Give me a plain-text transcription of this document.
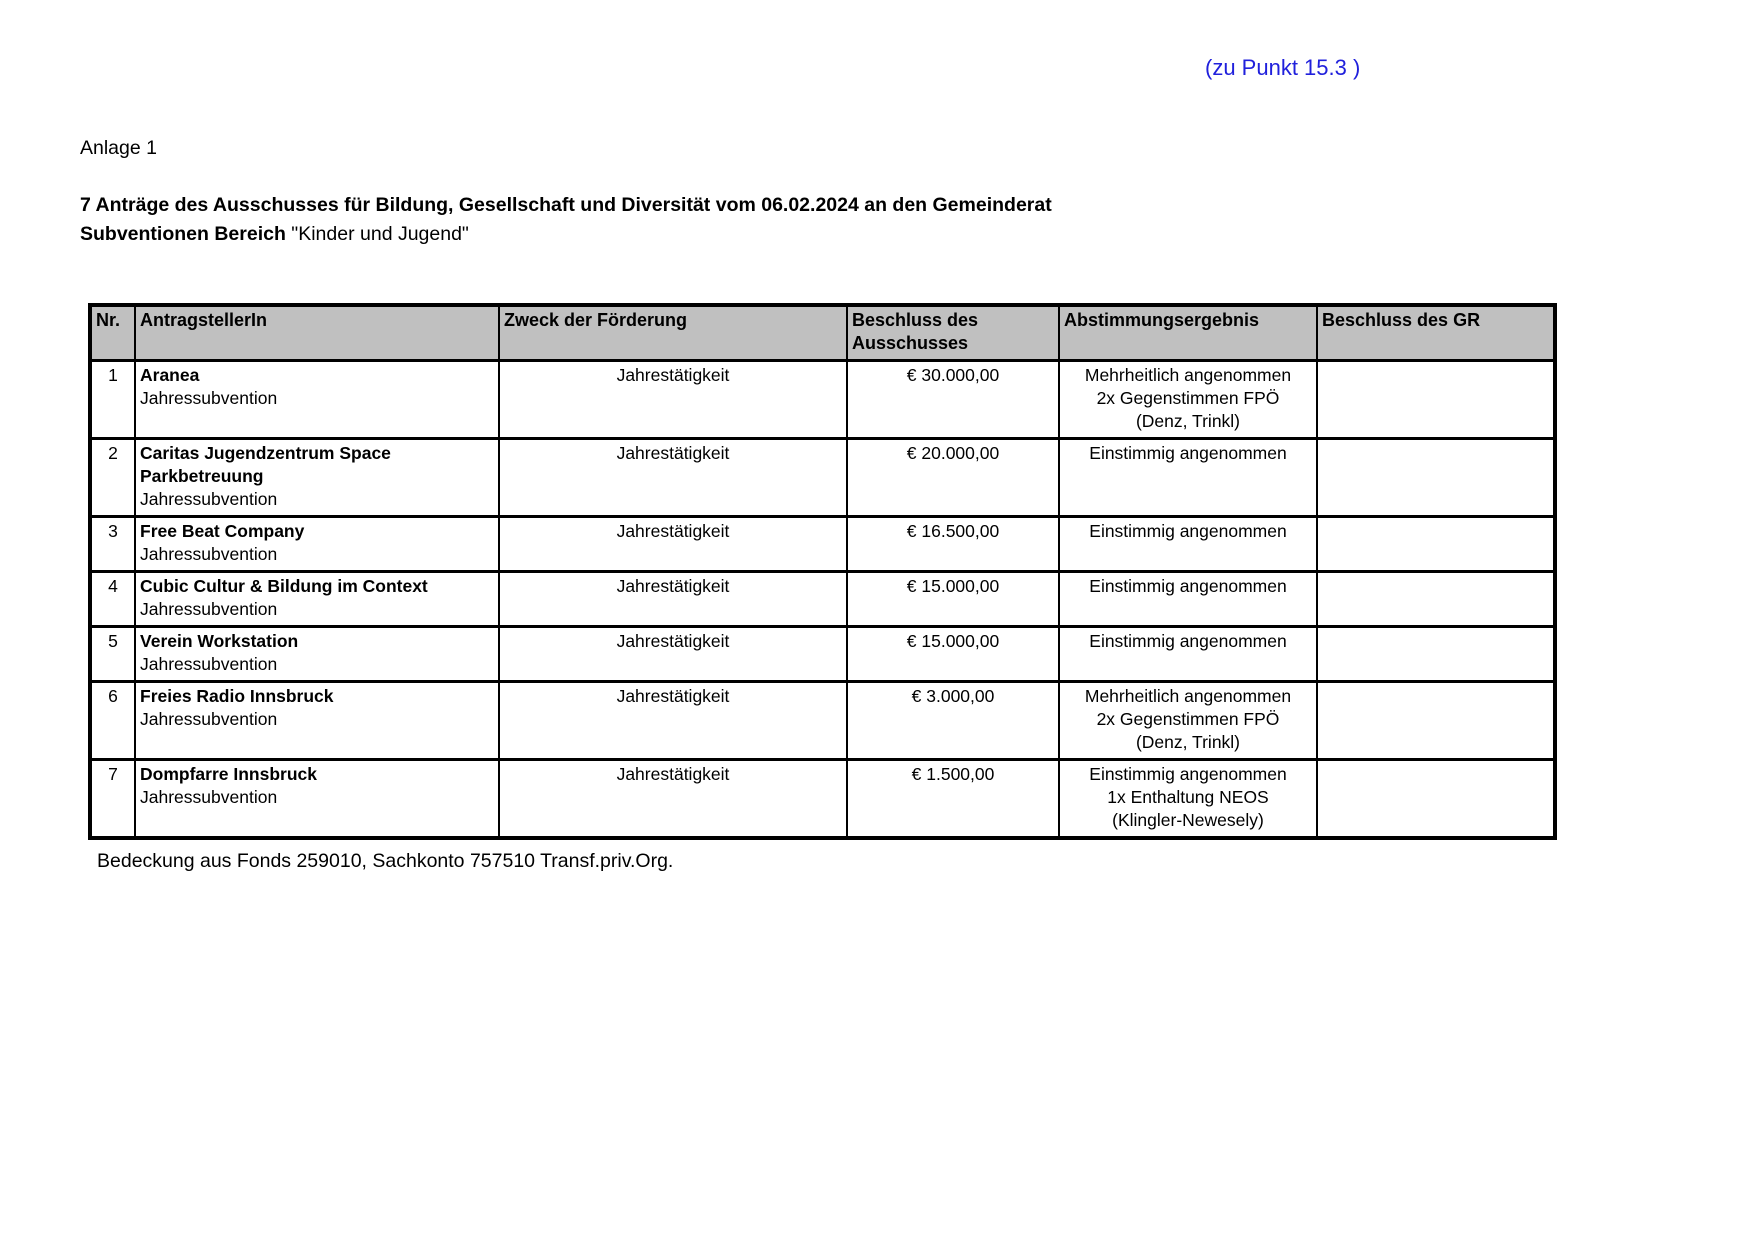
(zu Punkt 15.3 )
Anlage 1
7 Anträge des Ausschusses für Bildung, Gesellschaft und Diversität vom 06.02.2024 an den Gemeinderat
Subventionen Bereich "Kinder und Jugend"
Nr.	AntragstellerIn	Zweck der Förderung	Beschluss des Ausschusses	Abstimmungsergebnis	Beschluss des GR
1	Aranea
Jahressubvention	Jahrestätigkeit	€ 30.000,00	Mehrheitlich angenommen
2x Gegenstimmen FPÖ
(Denz, Trinkl)	

2	Caritas Jugendzentrum Space Parkbetreuung
Jahressubvention	Jahrestätigkeit	€ 20.000,00	Einstimmig angenommen	

3	Free Beat Company
Jahressubvention	Jahrestätigkeit	€ 16.500,00	Einstimmig angenommen	

4	Cubic Cultur & Bildung im Context
Jahressubvention	Jahrestätigkeit	€ 15.000,00	Einstimmig angenommen	

5	Verein Workstation
Jahressubvention	Jahrestätigkeit	€ 15.000,00	Einstimmig angenommen	

6	Freies Radio Innsbruck
Jahressubvention	Jahrestätigkeit	€ 3.000,00	Mehrheitlich angenommen
2x Gegenstimmen FPÖ
(Denz, Trinkl)	

7	Dompfarre Innsbruck
Jahressubvention	Jahrestätigkeit	€ 1.500,00	Einstimmig angenommen
1x Enthaltung NEOS
(Klingler-Newesely)	

Bedeckung aus Fonds 259010, Sachkonto 757510 Transf.priv.Org.
